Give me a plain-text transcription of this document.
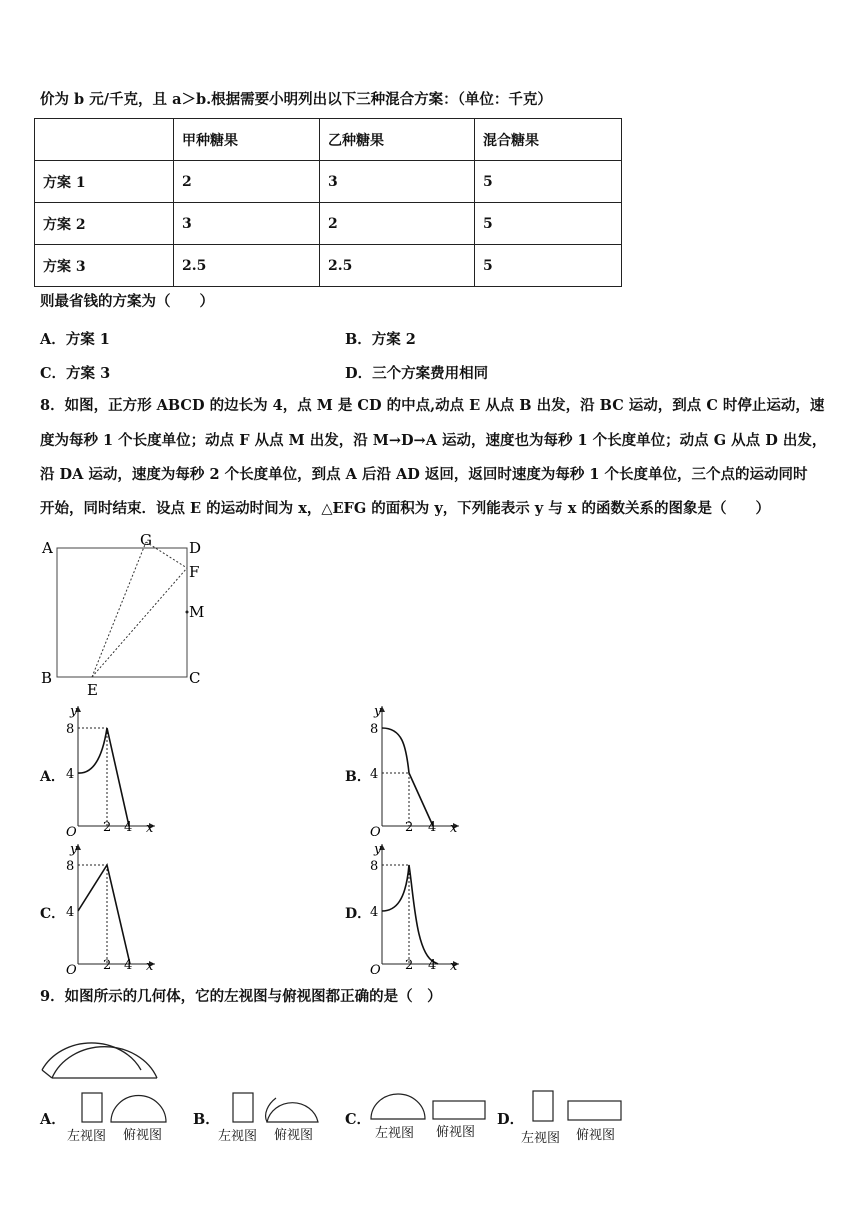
价为 b 元/千克，且 a＞b.根据需要小明列出以下三种混合方案：（单位：千克）
	甲种糖果	乙种糖果	混合糖果
方案 1	2	3	5
方案 2	3	2	5
方案 3	2.5	2.5	5
则最省钱的方案为（　　）
A．方案 1	B．方案 2
C．方案 3	D．三个方案费用相同
8．如图，正方形 ABCD 的边长为 4，点 M 是 CD 的中点,动点 E 从点 B 出发，沿 BC 运动，到点 C 时停止运动，速
度为每秒 1 个长度单位；动点 F 从点 M 出发，沿 M→D→A 运动，速度也为每秒 1 个长度单位；动点 G 从点 D 出发，
沿 DA 运动，速度为每秒 2 个长度单位，到点 A 后沿 AD 返回，返回时速度为每秒 1 个长度单位，三个点的运动同时
开始，同时结束．设点 E 的运动时间为 x，△EFG 的面积为 y，下列能表示 y 与 x 的函数关系的图象是（　　）
A	G D
F
M
B
E
C
A．	B．
C．	D．
y
8
4
O 2 4 x
y
8
4
O 2 4 x
y
8
4
O 2 4 x
y
8
4
O 2 4 x
9．如图所示的几何体，它的左视图与俯视图都正确的是（　）
A．
左视图 俯视图
B．
左视图 俯视图
C．
左视图 俯视图
D．
左视图 俯视图
